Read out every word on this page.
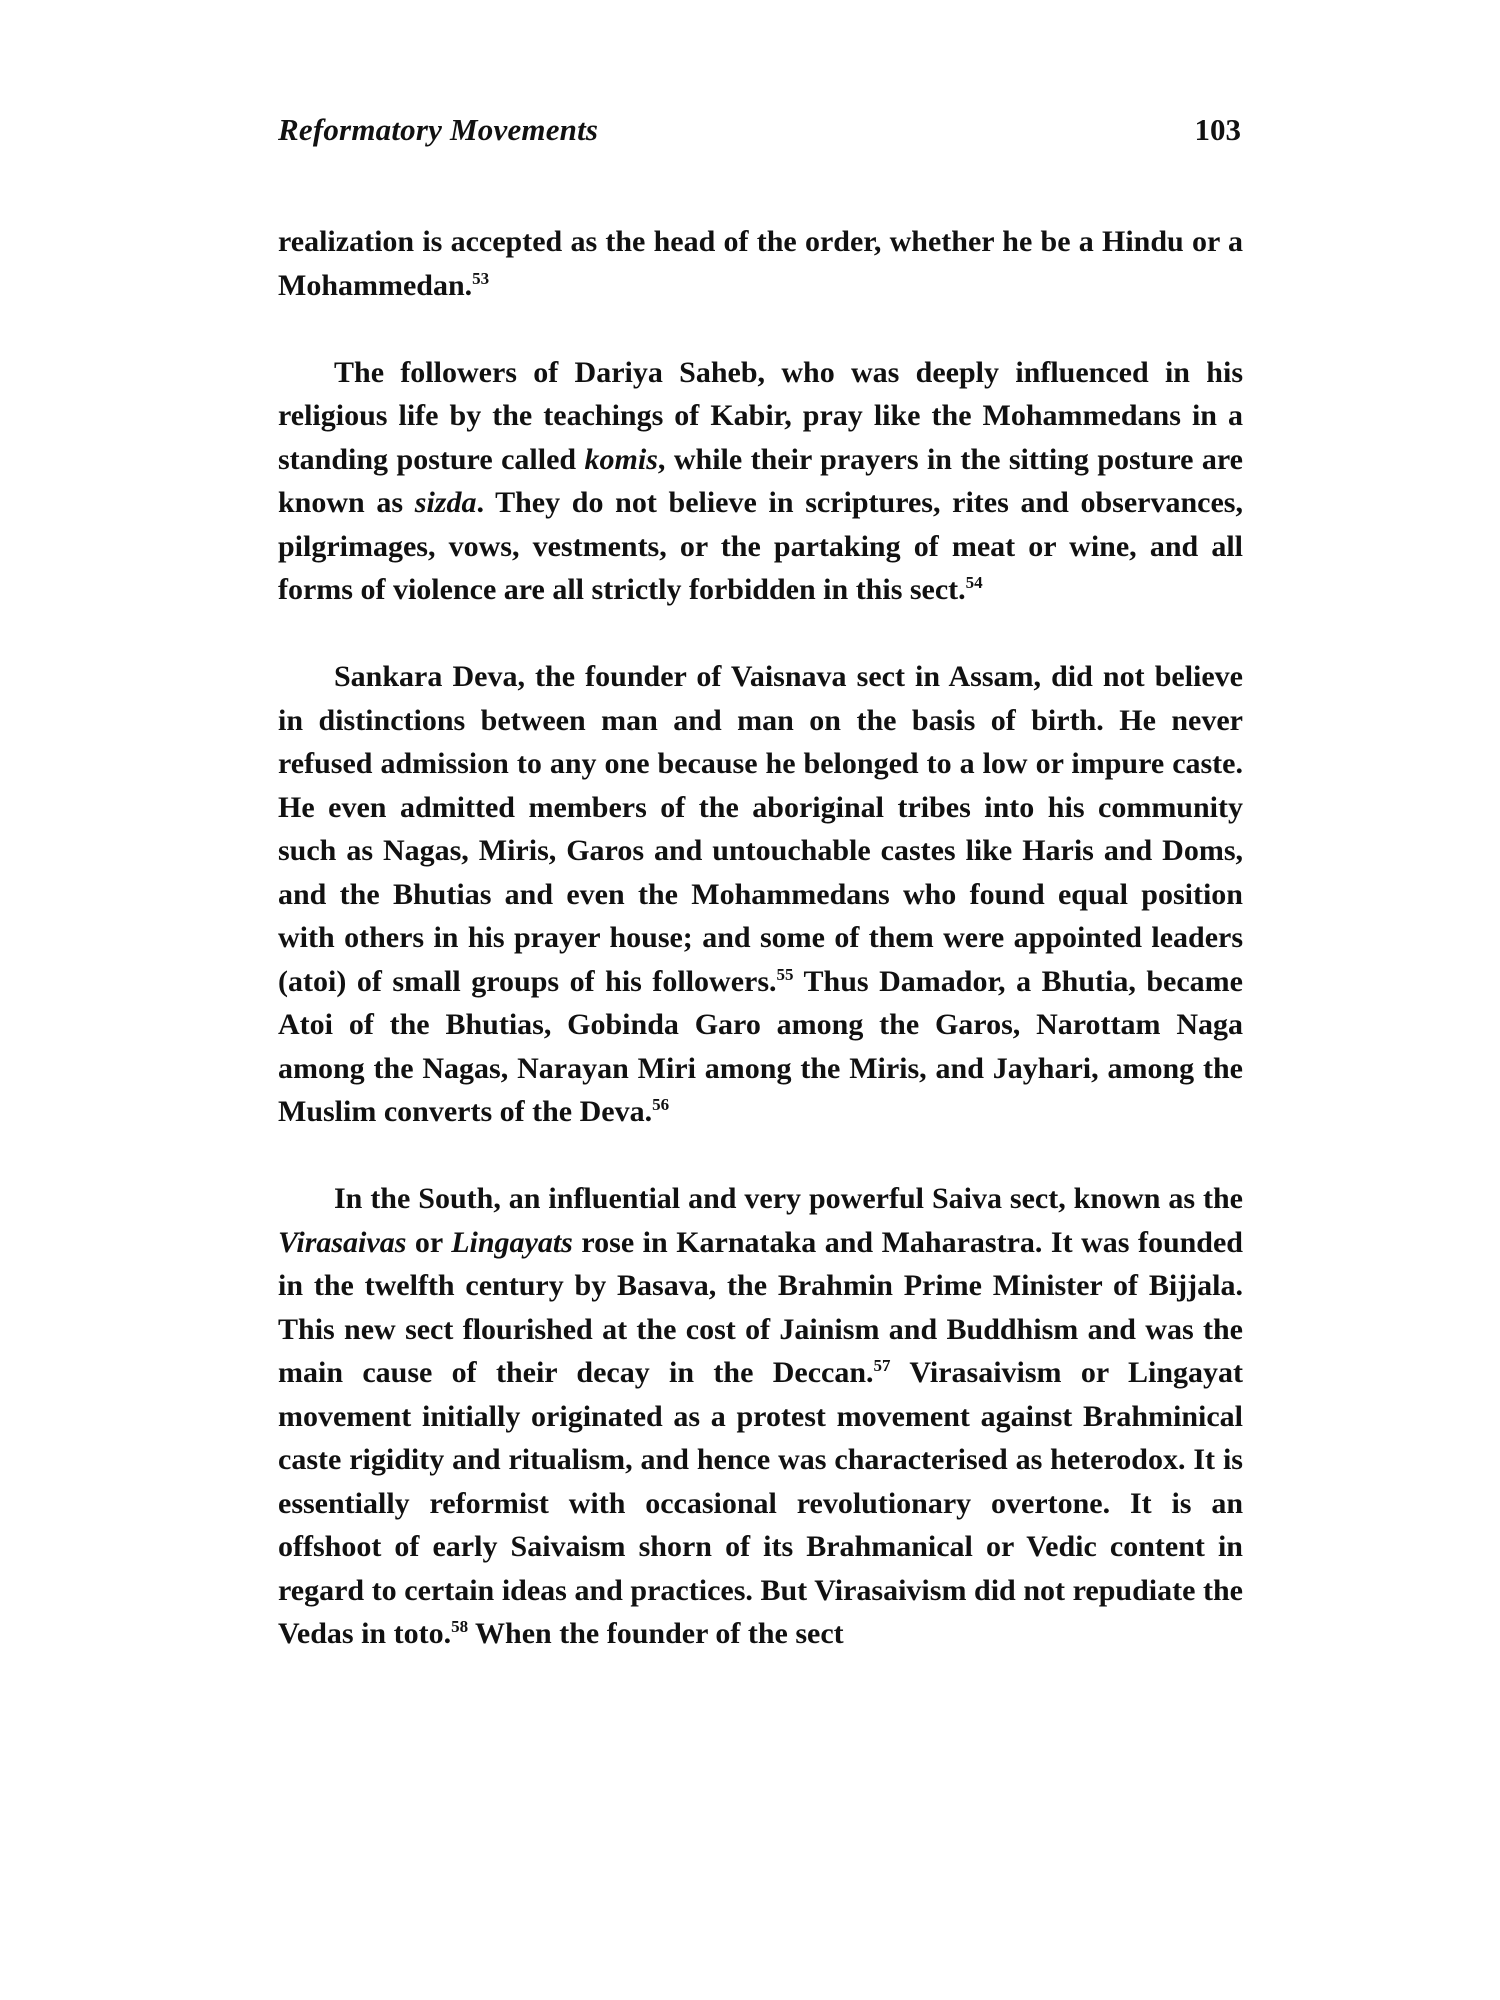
Reformatory Movements	103

realization is accepted as the head of the order, whether he be a Hindu or a Mohammedan.$^{53}$

The followers of Dariya Saheb, who was deeply influenced in his religious life by the teachings of Kabir, pray like the Mohammedans in a standing posture called komis, while their prayers in the sitting posture are known as sizda. They do not believe in scriptures, rites and observances, pilgrimages, vows, vestments, or the partaking of meat or wine, and all forms of violence are all strictly forbidden in this sect.$^{54}$

Sankara Deva, the founder of Vaisnava sect in Assam, did not believe in distinctions between man and man on the basis of birth. He never refused admission to any one because he belonged to a low or impure caste. He even admitted members of the aboriginal tribes into his community such as Nagas, Miris, Garos and untouchable castes like Haris and Doms, and the Bhutias and even the Mohammedans who found equal position with others in his prayer house; and some of them were appointed leaders (atoi) of small groups of his followers.$^{55}$ Thus Damador, a Bhutia, became Atoi of the Bhutias, Gobinda Garo among the Garos, Narottam Naga among the Nagas, Narayan Miri among the Miris, and Jayhari, among the Muslim converts of the Deva.$^{56}$

In the South, an influential and very powerful Saiva sect, known as the Virasaivas or Lingayats rose in Karnataka and Maharastra. It was founded in the twelfth century by Basava, the Brahmin Prime Minister of Bijjala. This new sect flourished at the cost of Jainism and Buddhism and was the main cause of their decay in the Deccan.$^{57}$ Virasaivism or Lingayat movement initially originated as a protest movement against Brahminical caste rigidity and ritualism, and hence was characterised as heterodox. It is essentially reformist with occasional revolutionary overtone. It is an offshoot of early Saivaism shorn of its Brahmanical or Vedic content in regard to certain ideas and practices. But Virasaivism did not repudiate the Vedas in toto.$^{58}$ When the founder of the sect
